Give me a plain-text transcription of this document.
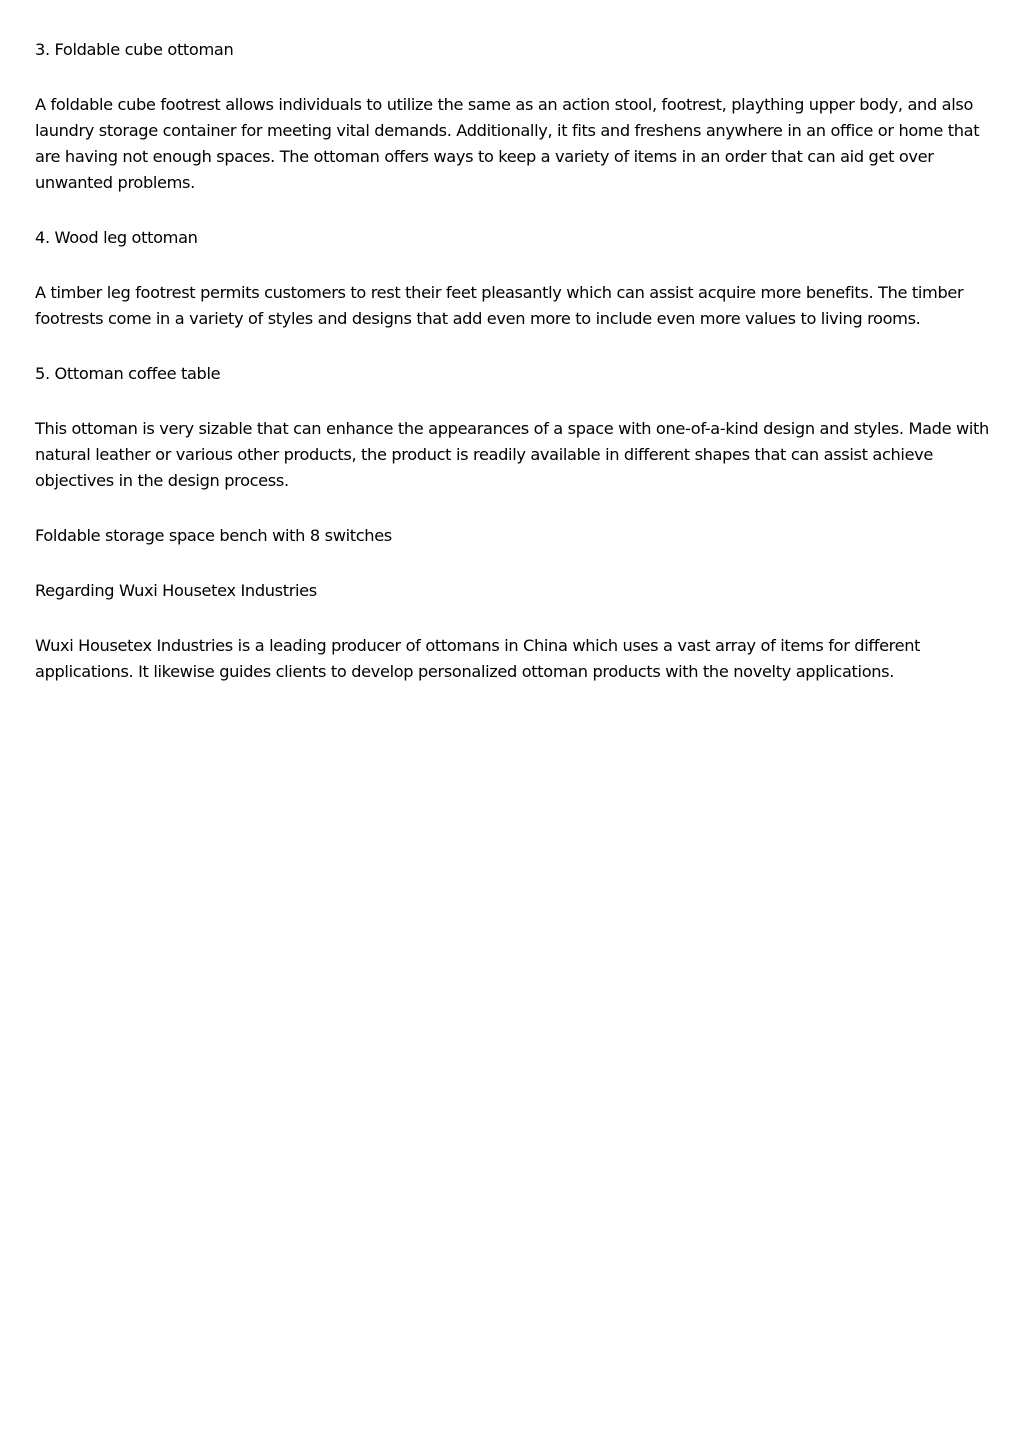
3. Foldable cube ottoman

A foldable cube footrest allows individuals to utilize the same as an action stool, footrest, plaything upper body, and also laundry storage container for meeting vital demands. Additionally, it fits and freshens anywhere in an office or home that are having not enough spaces. The ottoman offers ways to keep a variety of items in an order that can aid get over unwanted problems.

4. Wood leg ottoman

A timber leg footrest permits customers to rest their feet pleasantly which can assist acquire more benefits. The timber footrests come in a variety of styles and designs that add even more to include even more values to living rooms.

5. Ottoman coffee table

This ottoman is very sizable that can enhance the appearances of a space with one-of-a-kind design and styles. Made with natural leather or various other products, the product is readily available in different shapes that can assist achieve objectives in the design process.

Foldable storage space bench with 8 switches

Regarding Wuxi Housetex Industries

Wuxi Housetex Industries is a leading producer of ottomans in China which uses a vast array of items for different applications. It likewise guides clients to develop personalized ottoman products with the novelty applications.
